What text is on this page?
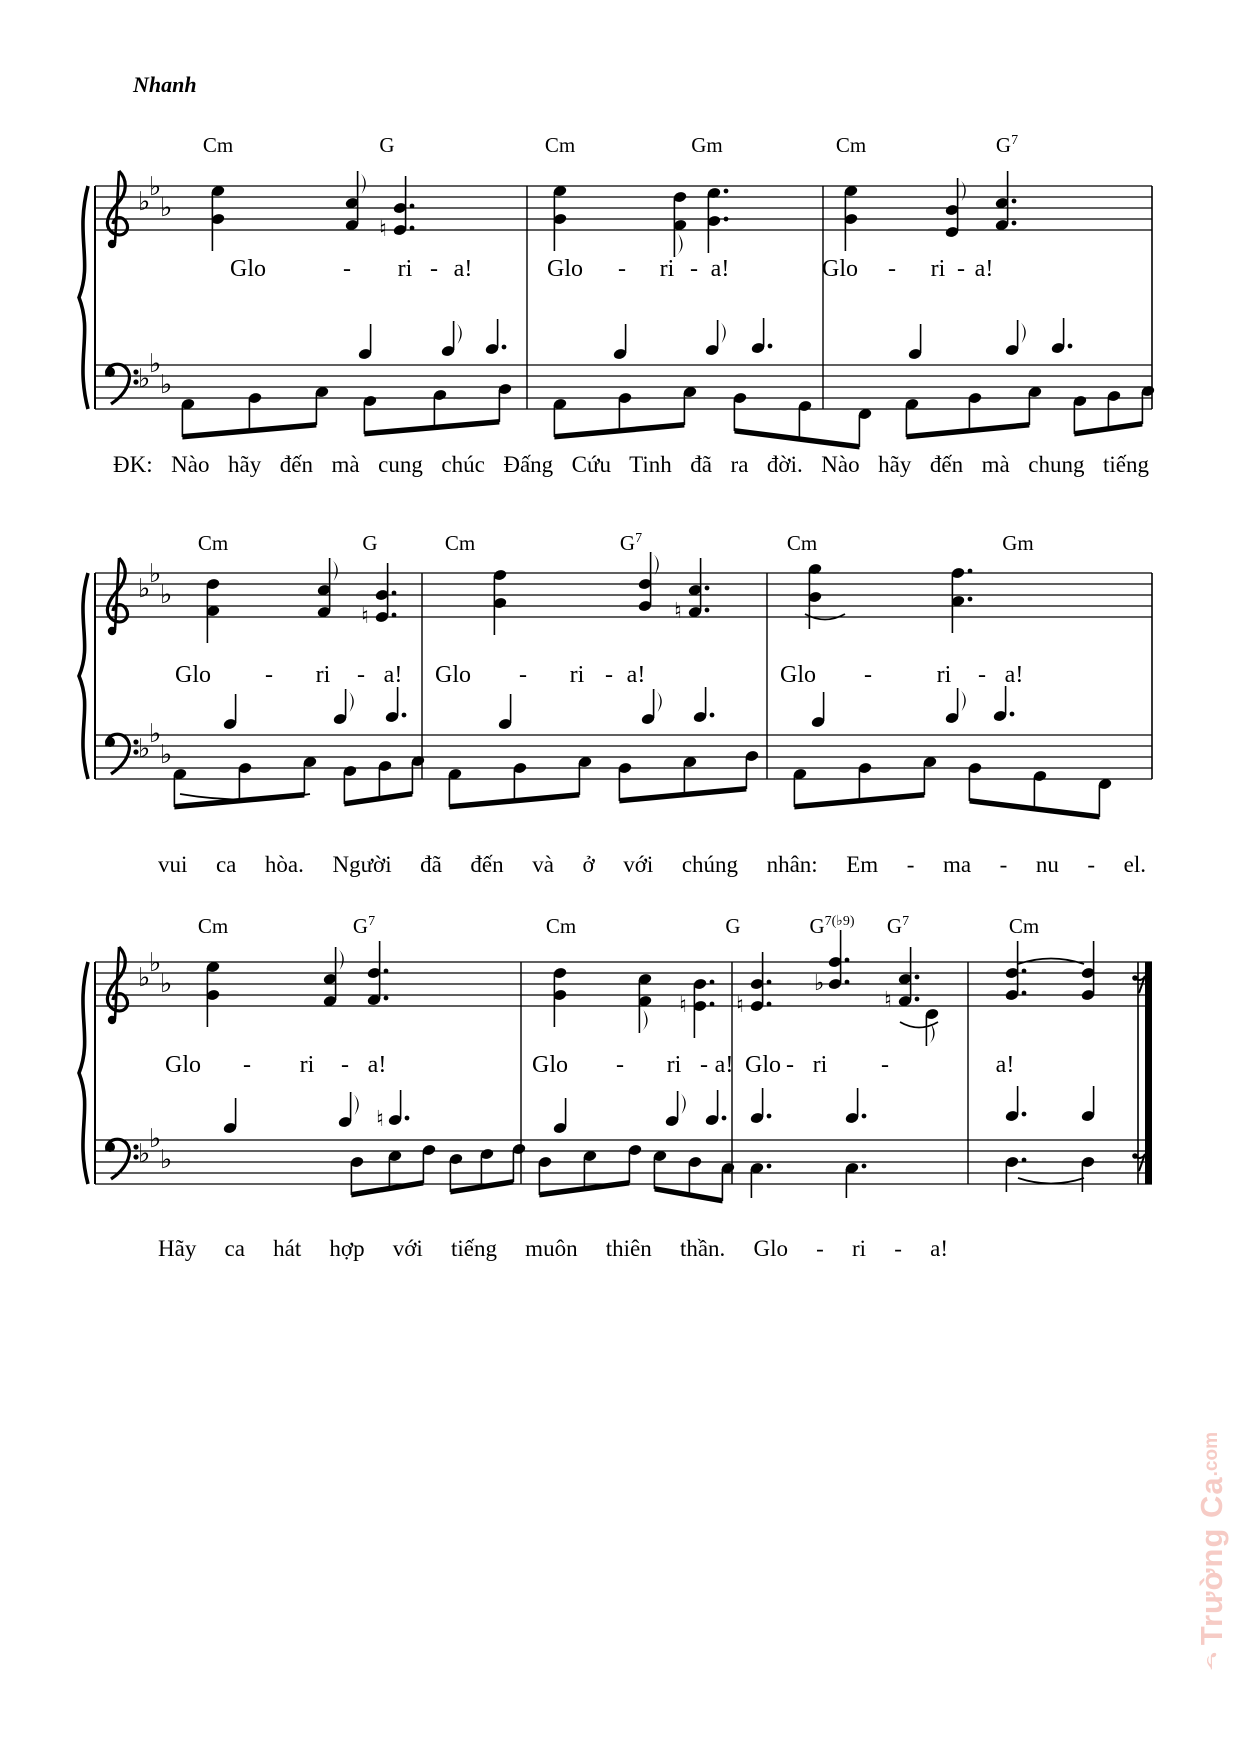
Nhanh
♭
♭
♭
♭
♭
♭
Cm	G	Cm	Gm	Cm	$G^7$
Glo	- ri - a!	Glo - ri - a!	Glo - ri - a!
♮
♭
♭
♭
♭
♭
♭
Cm	G	Cm	$G^7$	Cm	Gm
Glo - ri - a! Glo - ri - a!	Glo -	ri - a!
♮	♮
♭
♭
♭
♭
♭
♭
Cm	$G^7$	Cm	G	$G^{7(♭9)}$ $G^7$	Cm
Glo - ri - a!	Glo - ri - a! Glo - ri -	a!
♮ ♮
♭
♮
♮
ĐK: Nào hãy đến mà cung chúc Đấng Cứu Tinh đã ra đời. Nào hãy đến mà chung tiếng
vui ca hòa. Người đã đến và ở với chúng nhân: Em - ma - nu - el.
Hãy ca hát hợp với tiếng muôn thiên thần. Glo - ri - a!
♪Trường Ca.com
